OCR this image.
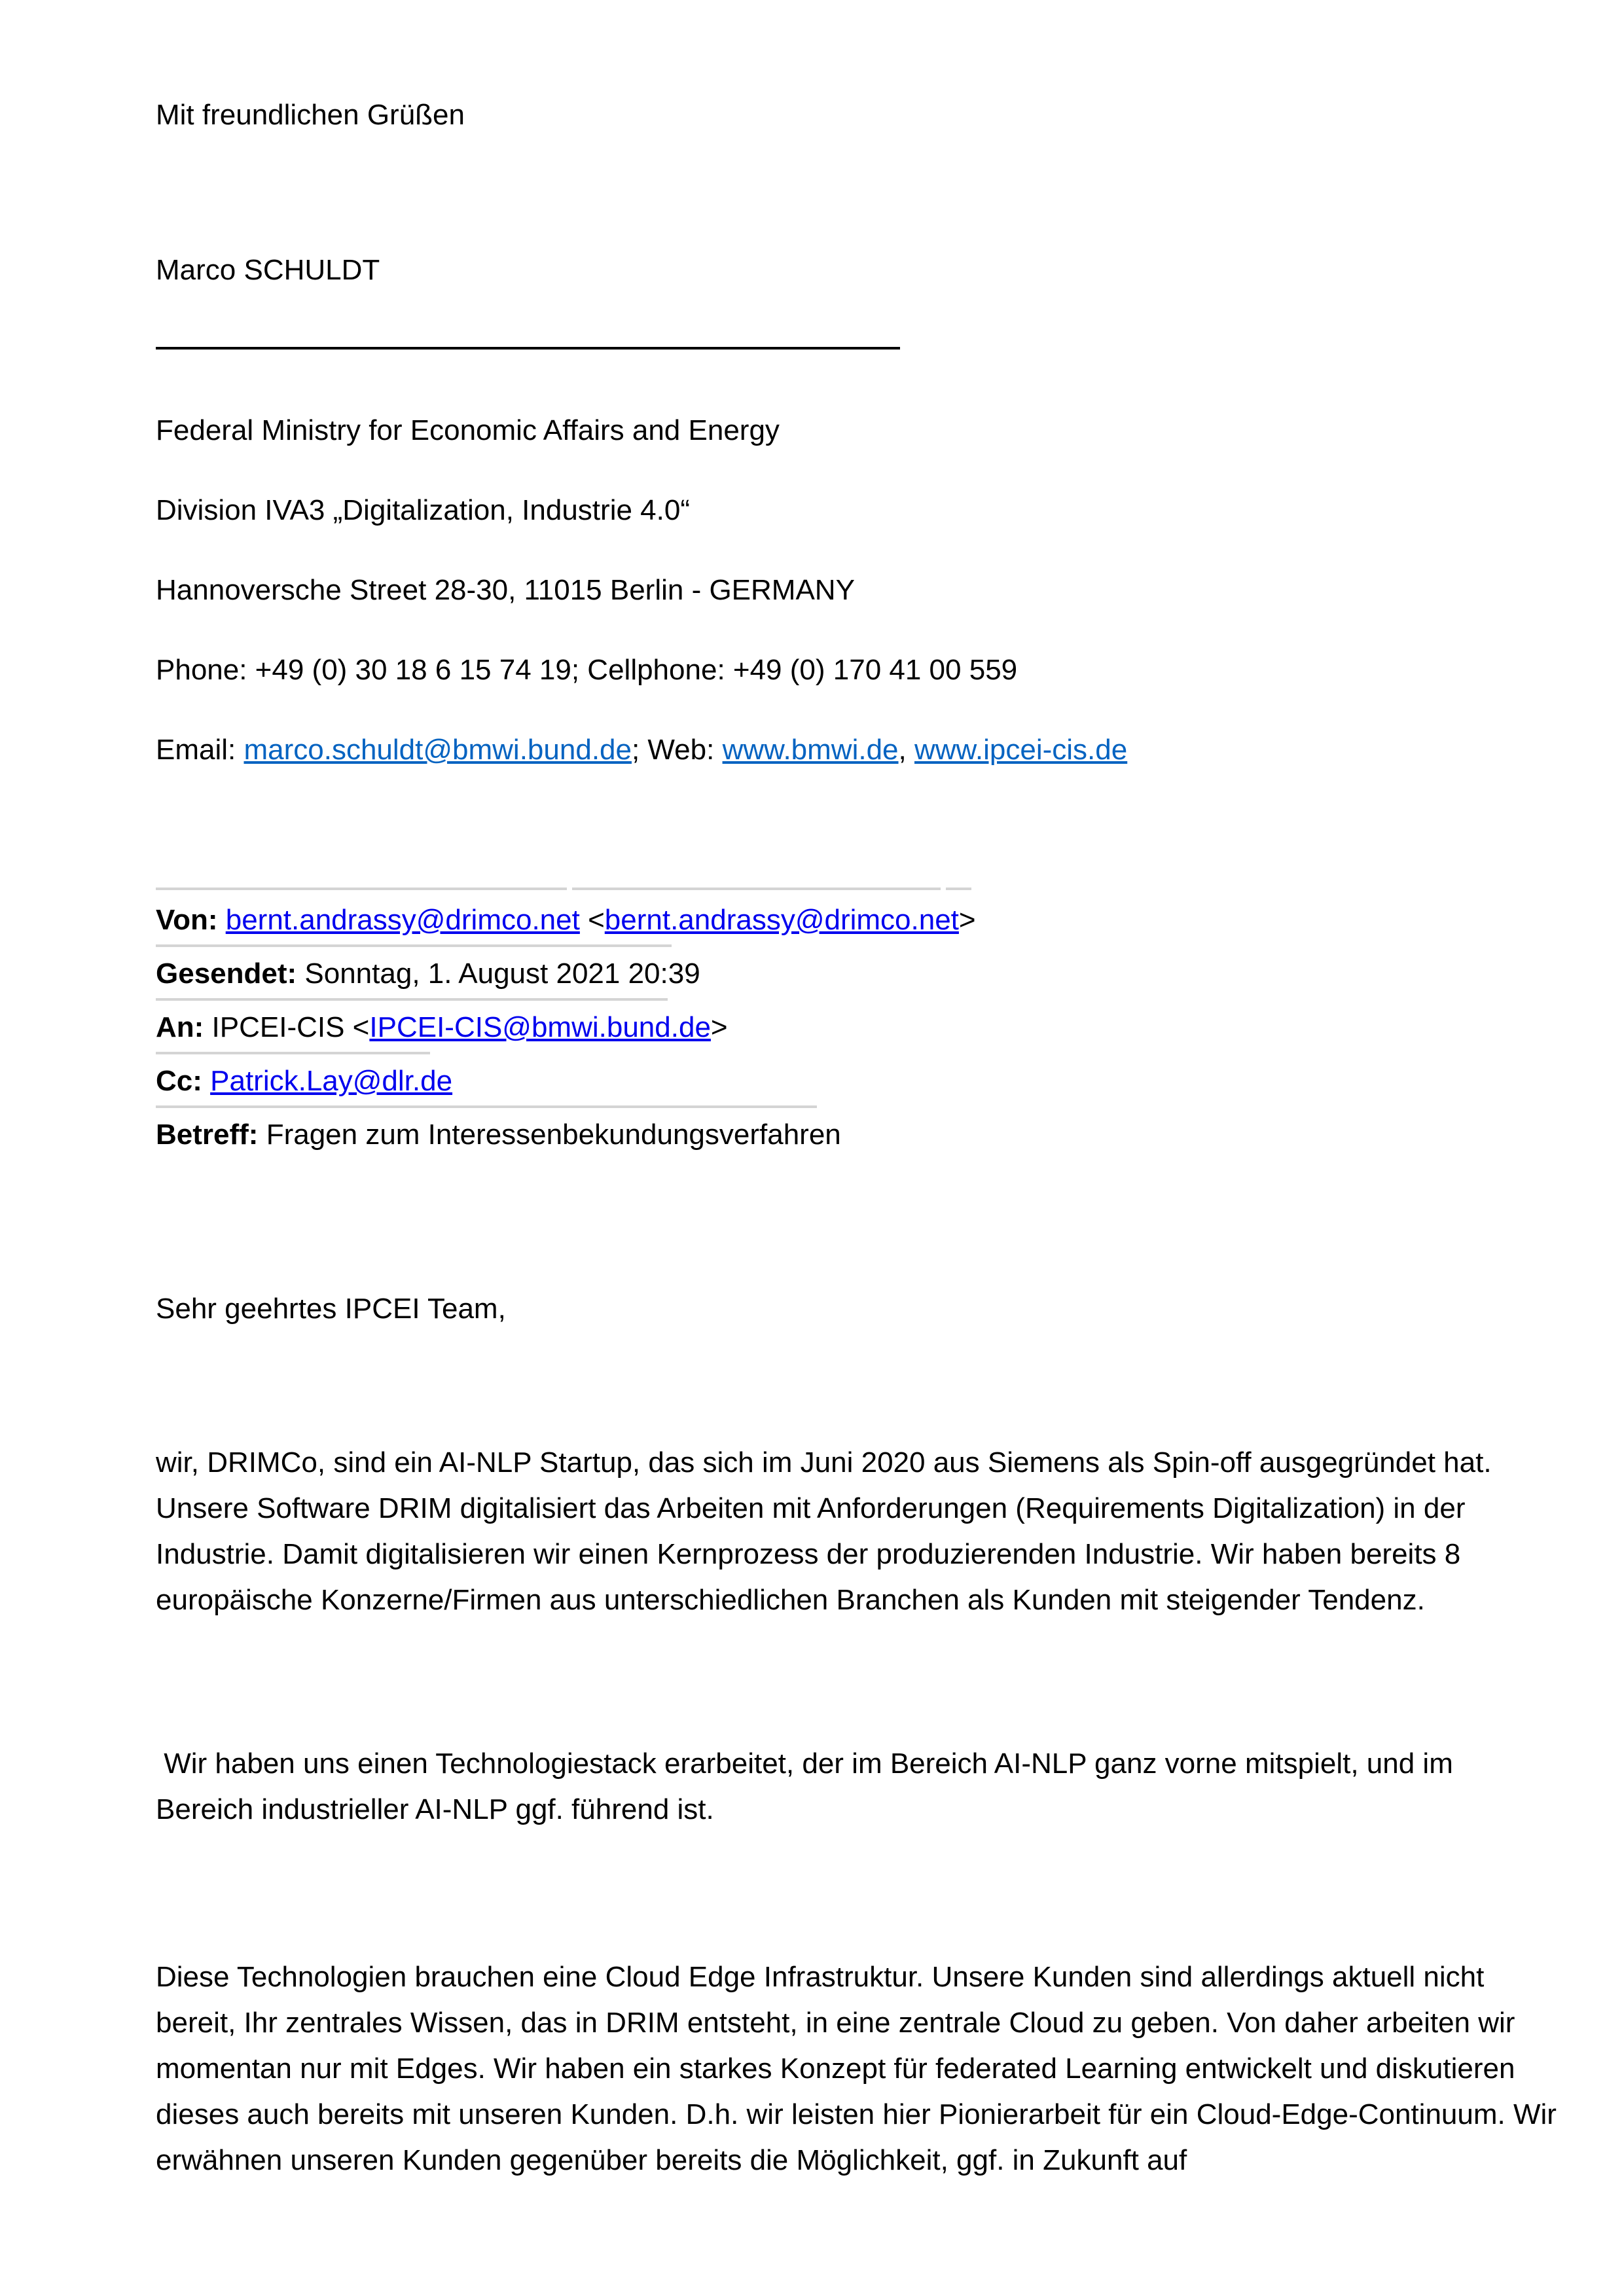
Mit freundlichen Grüßen
Marco SCHULDT
Federal Ministry for Economic Affairs and Energy
Division IVA3 „Digitalization, Industrie 4.0“
Hannoversche Street 28-30, 11015 Berlin - GERMANY
Phone: +49 (0) 30 18 6 15 74 19; Cellphone: +49 (0) 170 41 00 559
Email: marco.schuldt@bmwi.bund.de; Web: www.bmwi.de, www.ipcei-cis.de
Von: bernt.andrassy@drimco.net <bernt.andrassy@drimco.net>
Gesendet: Sonntag, 1. August 2021 20:39
An: IPCEI-CIS <IPCEI-CIS@bmwi.bund.de>
Cc: Patrick.Lay@dlr.de
Betreff: Fragen zum Interessenbekundungsverfahren
Sehr geehrtes IPCEI Team,
wir, DRIMCo, sind ein AI-NLP Startup, das sich im Juni 2020 aus Siemens als Spin-off ausgegründet hat. Unsere Software DRIM digitalisiert das Arbeiten mit Anforderungen (Requirements Digitalization) in der Industrie. Damit digitalisieren wir einen Kernprozess der produzierenden Industrie. Wir haben bereits 8 europäische Konzerne/Firmen aus unterschiedlichen Branchen als Kunden mit steigender Tendenz.
Wir haben uns einen Technologiestack erarbeitet, der im Bereich AI-NLP ganz vorne mitspielt, und im Bereich industrieller AI-NLP ggf. führend ist.
Diese Technologien brauchen eine Cloud Edge Infrastruktur. Unsere Kunden sind allerdings aktuell nicht bereit, Ihr zentrales Wissen, das in DRIM entsteht, in eine zentrale Cloud zu geben. Von daher arbeiten wir momentan nur mit Edges. Wir haben ein starkes Konzept für federated Learning entwickelt und diskutieren dieses auch bereits mit unseren Kunden. D.h. wir leisten hier Pionierarbeit für ein Cloud-Edge-Continuum. Wir erwähnen unseren Kunden gegenüber bereits die Möglichkeit, ggf. in Zukunft auf
